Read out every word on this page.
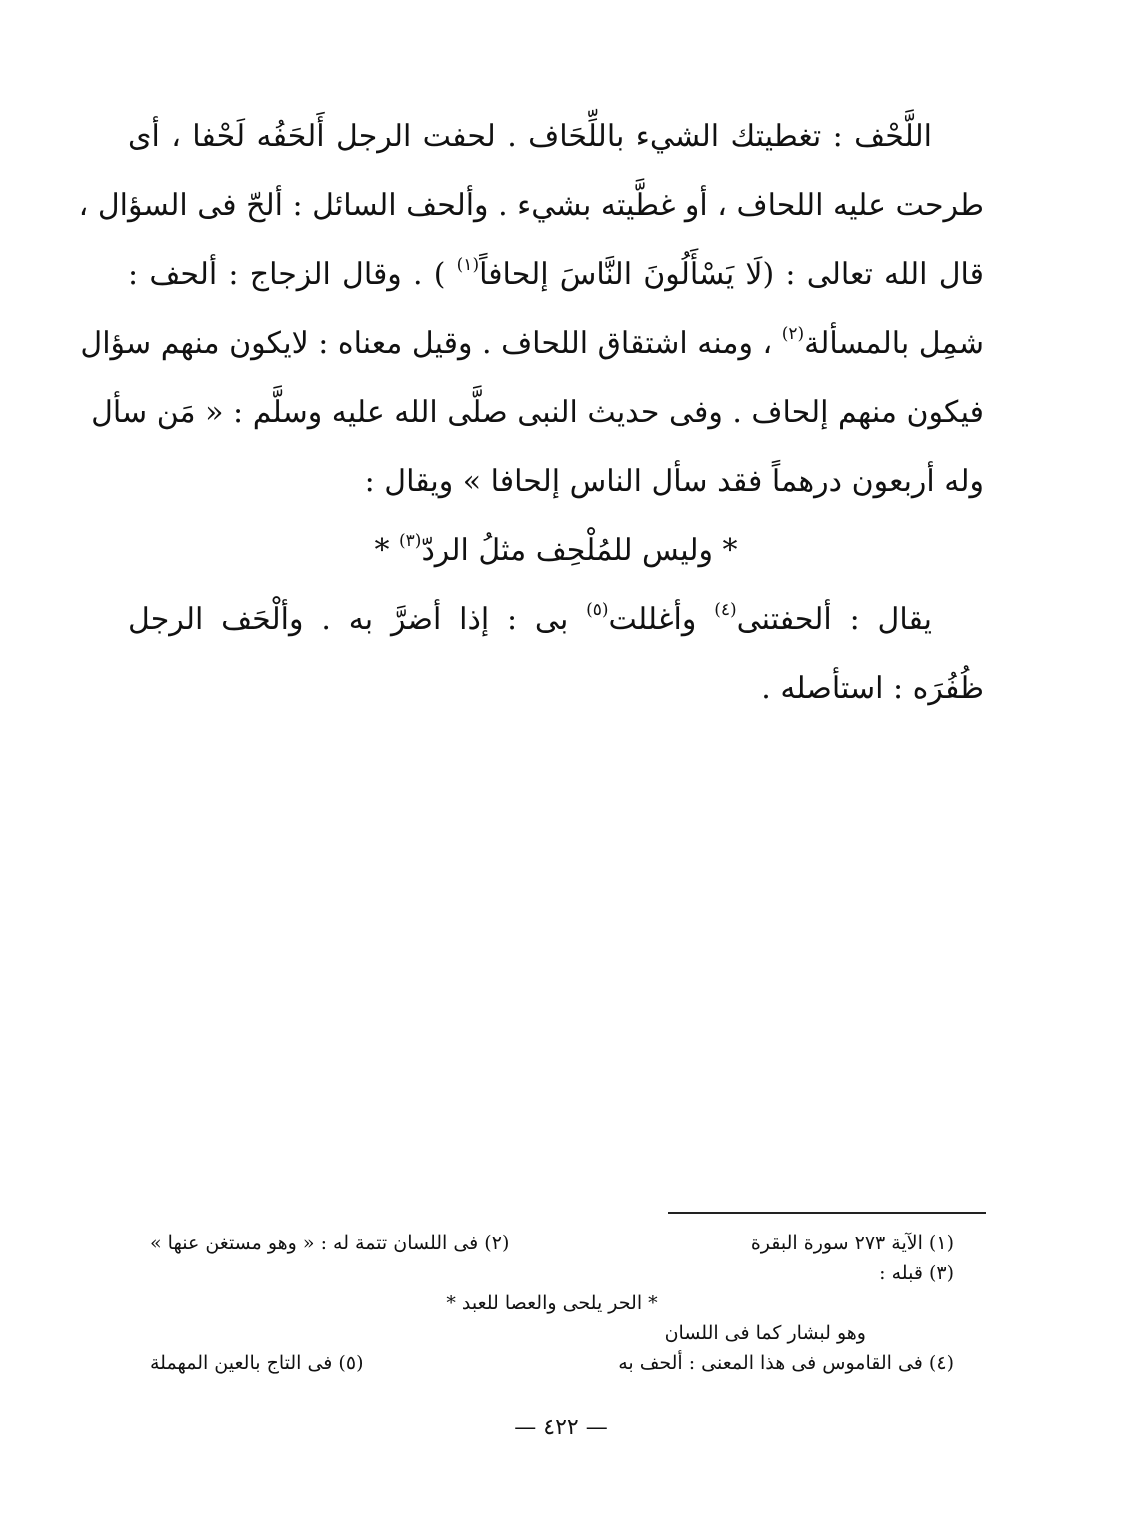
اللَّحْف : تغطيتك الشيء باللِّحَاف . لحفت الرجل أَلحَفُه لَحْفا ، أى
طرحت عليه اللحاف ، أو غطَّيته بشيء . وألحف السائل : ألحّ فى السؤال ،
قال الله تعالى : (لَا يَسْأَلُونَ النَّاسَ إلحافاً$^{(١)}$ ) . وقال الزجاج : ألحف :
شمِل بالمسألة$^{(٢)}$ ، ومنه اشتقاق اللحاف . وقيل معناه : لايكون منهم سؤال
فيكون منهم إلحاف . وفى حديث النبى صلَّى الله عليه وسلَّم : « مَن سأل
وله أربعون درهماً فقد سأل الناس إلحافا » ويقال :
* وليس للمُلْحِف مثلُ الردّ$^{(٣)}$ *
يقال : ألحفتنى$^{(٤)}$ وأغللت$^{(٥)}$ بى : إذا أضرَّ به . وألْحَف الرجل
ظُفُرَه : استأصله .
(١) الآية ٢٧٣ سورة البقرة
(٢) فى اللسان تتمة له : « وهو مستغن عنها »
(٣) قبله :
* الحر يلحى والعصا للعبد *
وهو لبشار كما فى اللسان
(٤) فى القاموس فى هذا المعنى : ألحف به
(٥) فى التاج بالعين المهملة
— ٤٢٢ —
